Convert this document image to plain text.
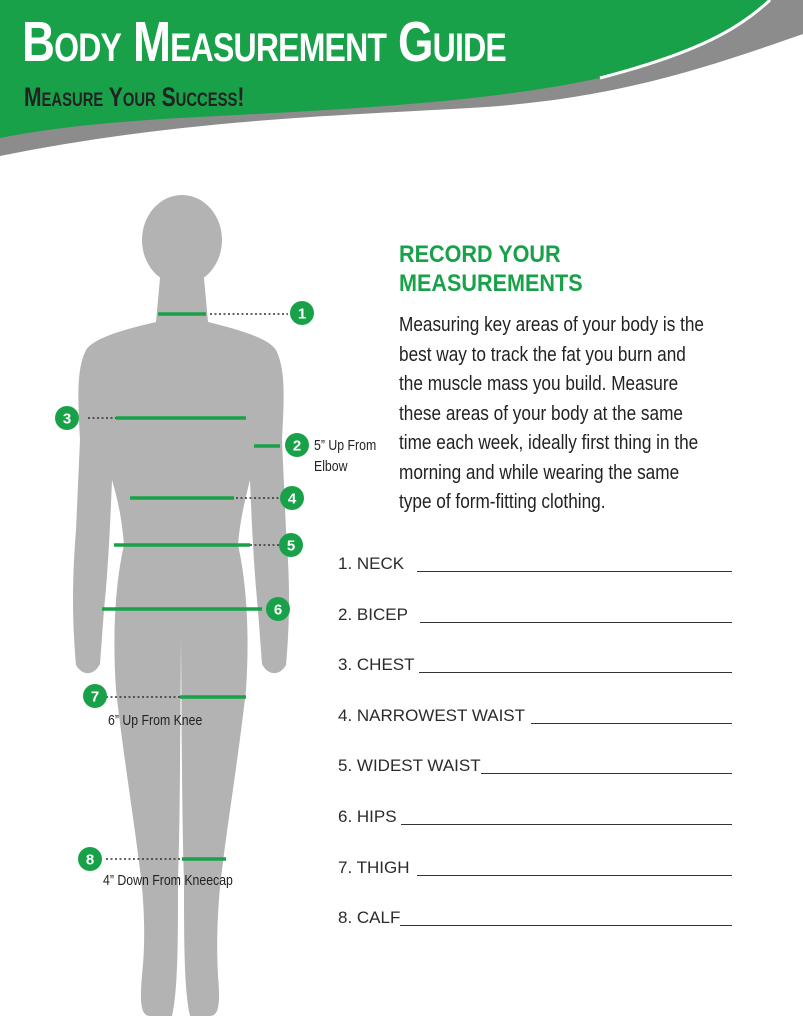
Body Measurement Guide
Measure Your Success!
1
2
3
4
5
6
7
8
5” Up From
Elbow
6” Up From Knee
4” Down From Kneecap
RECORD YOUR MEASUREMENTS

Measuring key areas of your body is the best way to track the fat you burn and the muscle mass you build. Measure these areas of your body at the same time each week, ideally first thing in the morning and while wearing the same type of form-fitting clothing.

1. NECK
2. BICEP
3. CHEST
4. NARROWEST WAIST
5. WIDEST WAIST
6. HIPS
7. THIGH
8. CALF
